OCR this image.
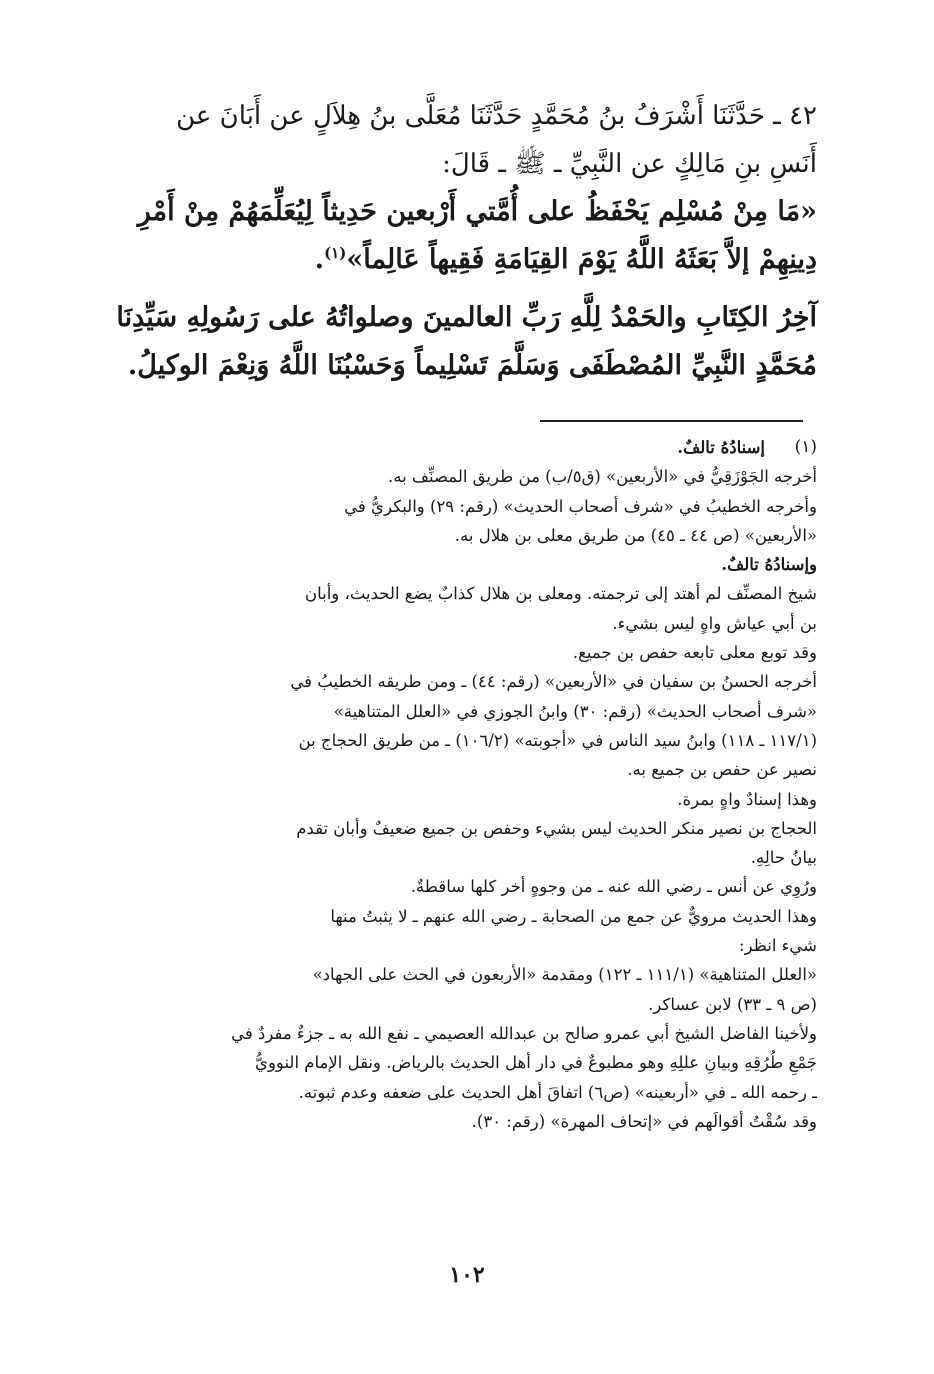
٤٢ ـ حَدَّثَنَا أَشْرَفُ بنُ مُحَمَّدٍ حَدَّثَنَا مُعَلَّى بنُ هِلاَلٍ عن أَبَانَ عن

أَنَسِ بنِ مَالِكٍ عن النَّبِيِّ ـ ﷺ ـ قَالَ:

«مَا مِنْ مُسْلِم يَحْفَظُ على أُمَّتي أَرْبعين حَدِيثاً لِيُعَلِّمَهُمْ مِنْ أَمْرِ

دِينِهِمْ إلاَّ بَعَثَهُ اللَّهُ يَوْمَ القِيَامَةِ فَقِيهاً عَالِماً»$^{(١)}$.

آخِرُ الكِتَابِ والحَمْدُ لِلَّهِ رَبِّ العالمينَ وصلواتُهُ على رَسُولِهِ سَيِّدِنَا

مُحَمَّدٍ النَّبِيِّ المُصْطَفَى وَسَلَّمَ تَسْلِيماً وَحَسْبُنَا اللَّهُ وَنِعْمَ الوكيلُ.

(١)

إسنادُهُ تالفٌ.

أخرجه الجَوْزَقِيُّ في «الأربعين» (ق٥/ب) من طريق المصنِّف به.

وأخرجه الخطيبُ في «شرف أصحاب الحديث» (رقم: ٢٩) والبكريُّ في

«الأربعين» (ص ٤٤ ـ ٤٥) من طريق معلى بن هلال به.

وإسنادُهُ تالفٌ.

شيخ المصنِّف لم أهتد إلى ترجمته. ومعلى بن هلال كذابٌ يضع الحديث، وأبان

بن أبي عياش واهٍ ليس بشيء.

وقد توبع معلى تابعه حفص بن جميع.

أخرجه الحسنُ بن سفيان في «الأربعين» (رقم: ٤٤) ـ ومن طريقه الخطيبُ في

«شرف أصحاب الحديث» (رقم: ٣٠) وابنُ الجوزي في «العلل المتناهية»

(١١٧/١ ـ ١١٨) وابنُ سيد الناس في «أجوبته» (١٠٦/٢) ـ من طريق الحجاج بن

نصير عن حفص بن جميع به.

وهذا إسنادٌ واهٍ بمرة.

الحجاج بن نصير منكر الحديث ليس بشيء وحفص بن جميع ضعيفٌ وأبان تقدم

بيانُ حالِهِ.

ورُوِي عن أنس ـ رضي الله عنه ـ من وجوهٍ أخر كلها ساقطةٌ.

وهذا الحديث مرويٌّ عن جمع من الصحابة ـ رضي الله عنهم ـ لا يثبتُ منها

شيء انظر:

«العلل المتناهية» (١١١/١ ـ ١٢٢) ومقدمة «الأربعون في الحث على الجهاد»

(ص ٩ ـ ٣٣) لابن عساكر.

ولأخينا الفاضل الشيخ أبي عمرو صالح بن عبدالله العصيمي ـ نفع الله به ـ جزءٌ مفردٌ في

جَمْعِ طُرُقِهِ وبيانِ عللِهِ وهو مطبوعٌ في دار أهل الحديث بالرياض. ونقل الإمام النوويُّ

ـ رحمه الله ـ في «أربعينه» (ص٦) اتفاقَ أهل الحديث على ضعفه وعدم ثبوته.

وقد سُقْتُ أقوالَهم في «إتحاف المهرة» (رقم: ٣٠).

١٠٢
